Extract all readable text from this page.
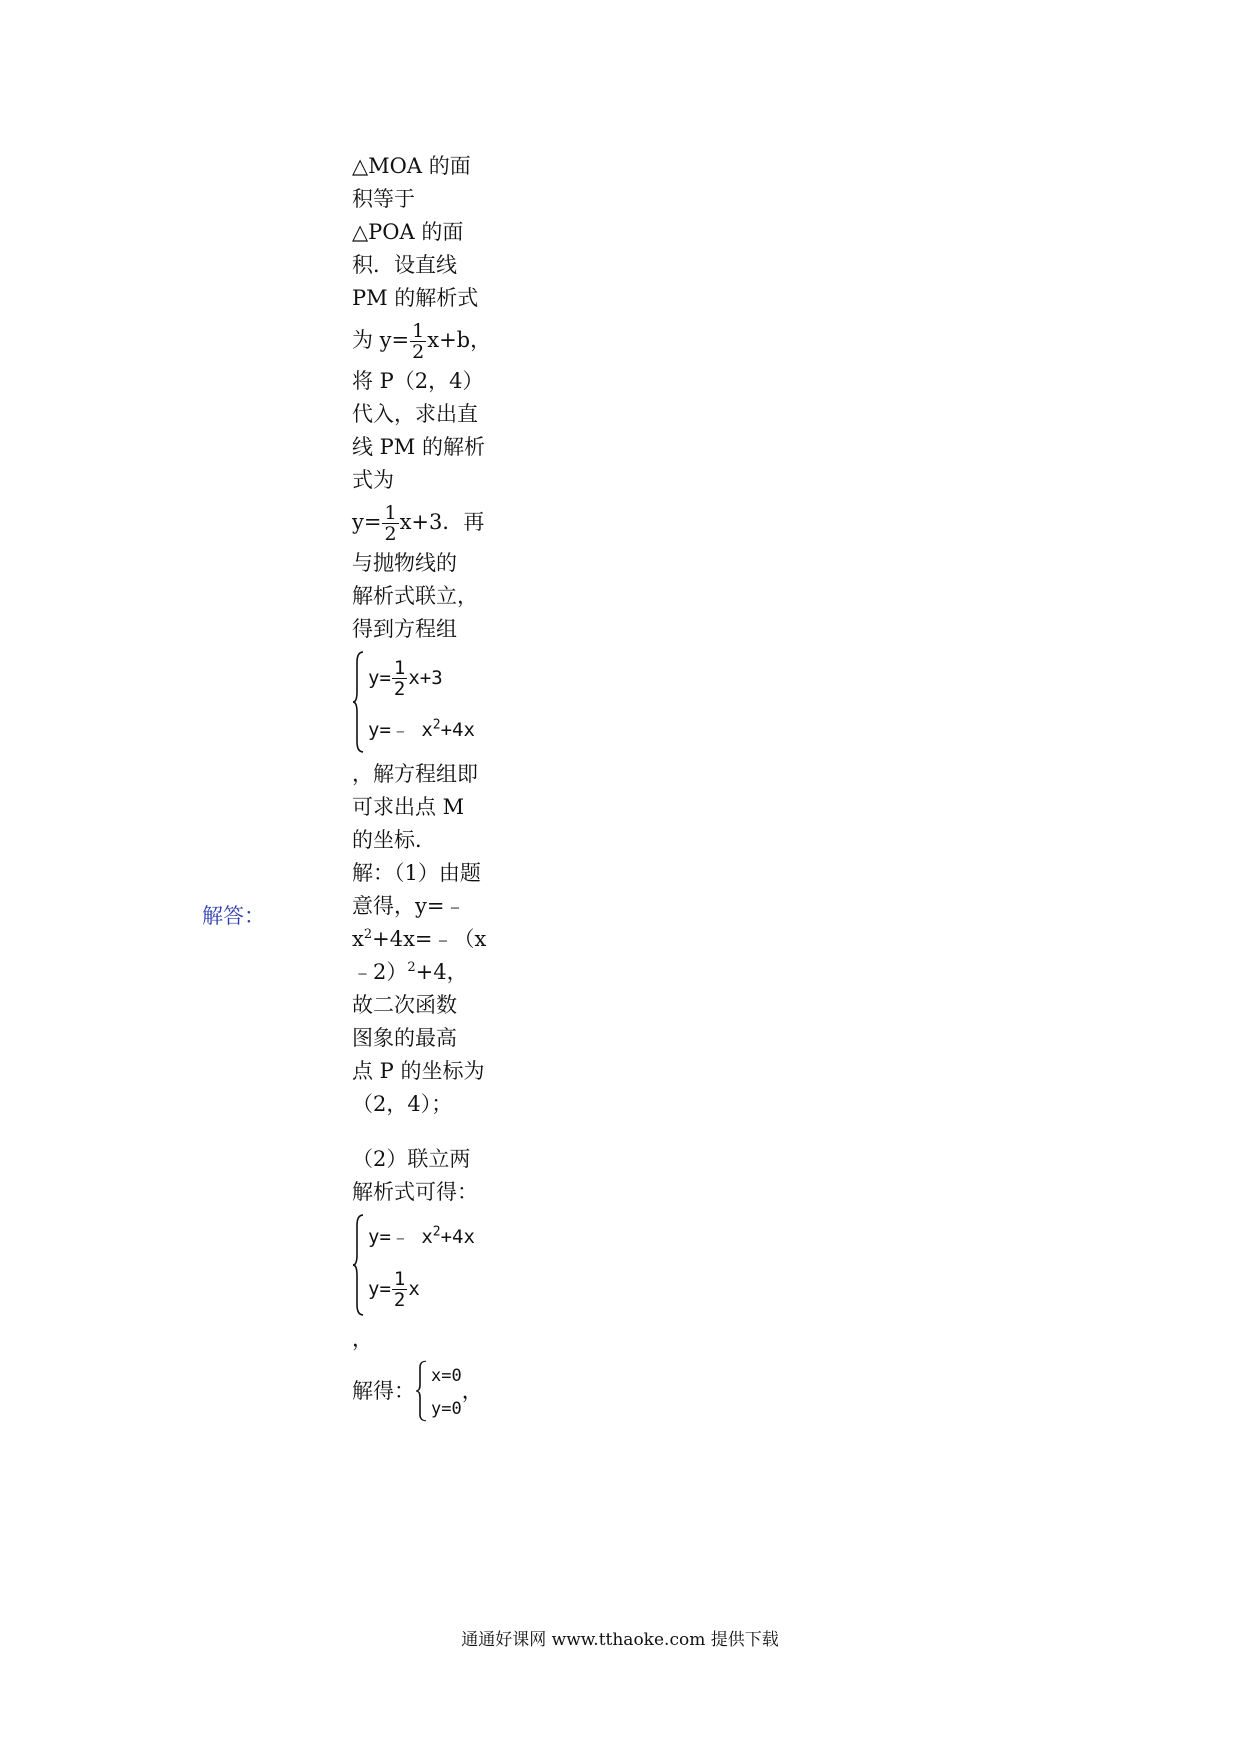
解答：
△MOA 的面
积等于
△POA 的面
积．设直线
PM 的解析式
为 $y= \frac{1}{2} x+b$，
将 P（2，4）
代入，求出直
线 PM 的解析
式为
$y= \frac{1}{2} x+3$．再
与抛物线的
解析式联立，
得到方程组
$y= \frac{1}{2} x+3$
y=﹣ $x^2+4x$
，解方程组即
可求出点 M
的坐标．
解：（1）由题
意得，y=﹣
$x^2+4x=﹣(x$
﹣2）$^2$+4，
故二次函数
图象的最高
点 P 的坐标为
（2，4）；
（2）联立两
解析式可得：
y=﹣ $x^2+4x$
$y= \frac{1}{2}$ x
，
解得：
x=0
y=0
，
通通好课网 www.tthaoke.com 提供下载
